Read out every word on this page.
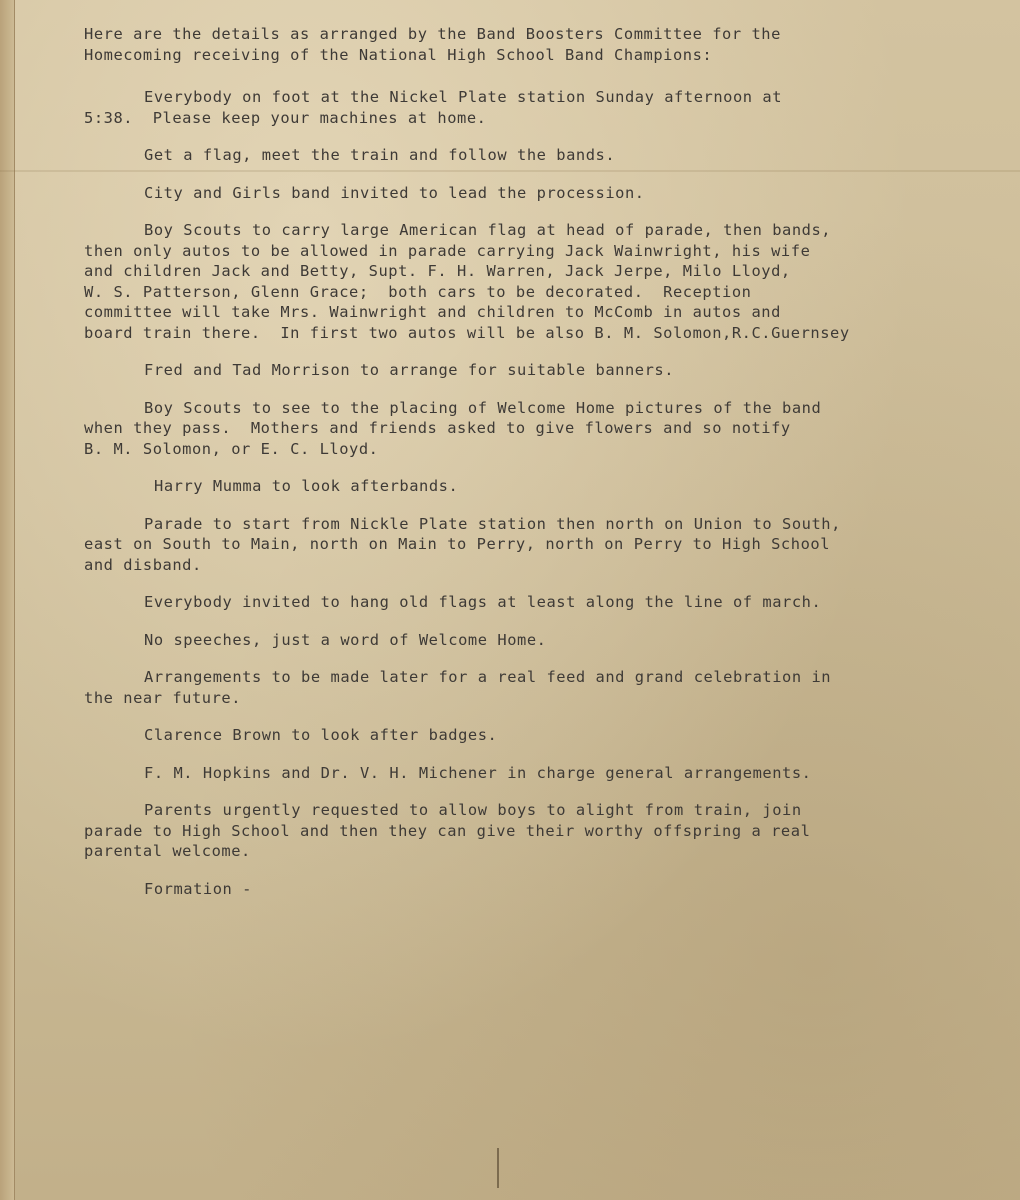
Here are the details as arranged by the Band Boosters Committee for the
Homecoming receiving of the National High School Band Champions:

Everybody on foot at the Nickel Plate station Sunday afternoon at
5:38.  Please keep your machines at home.

Get a flag, meet the train and follow the bands.

City and Girls band invited to lead the procession.

Boy Scouts to carry large American flag at head of parade, then bands,
then only autos to be allowed in parade carrying Jack Wainwright, his wife
and children Jack and Betty, Supt. F. H. Warren, Jack Jerpe, Milo Lloyd,
W. S. Patterson, Glenn Grace;  both cars to be decorated.  Reception
committee will take Mrs. Wainwright and children to McComb in autos and
board train there.  In first two autos will be also B. M. Solomon,R.C.Guernsey

Fred and Tad Morrison to arrange for suitable banners.

Boy Scouts to see to the placing of Welcome Home pictures of the band
when they pass.  Mothers and friends asked to give flowers and so notify
B. M. Solomon, or E. C. Lloyd.

Harry Mumma to look afterbands.

Parade to start from Nickle Plate station then north on Union to South,
east on South to Main, north on Main to Perry, north on Perry to High School
and disband.

Everybody invited to hang old flags at least along the line of march.

No speeches, just a word of Welcome Home.

Arrangements to be made later for a real feed and grand celebration in
the near future.

Clarence Brown to look after badges.

F. M. Hopkins and Dr. V. H. Michener in charge general arrangements.

Parents urgently requested to allow boys to alight from train, join
parade to High School and then they can give their worthy offspring a real
parental welcome.

Formation -
